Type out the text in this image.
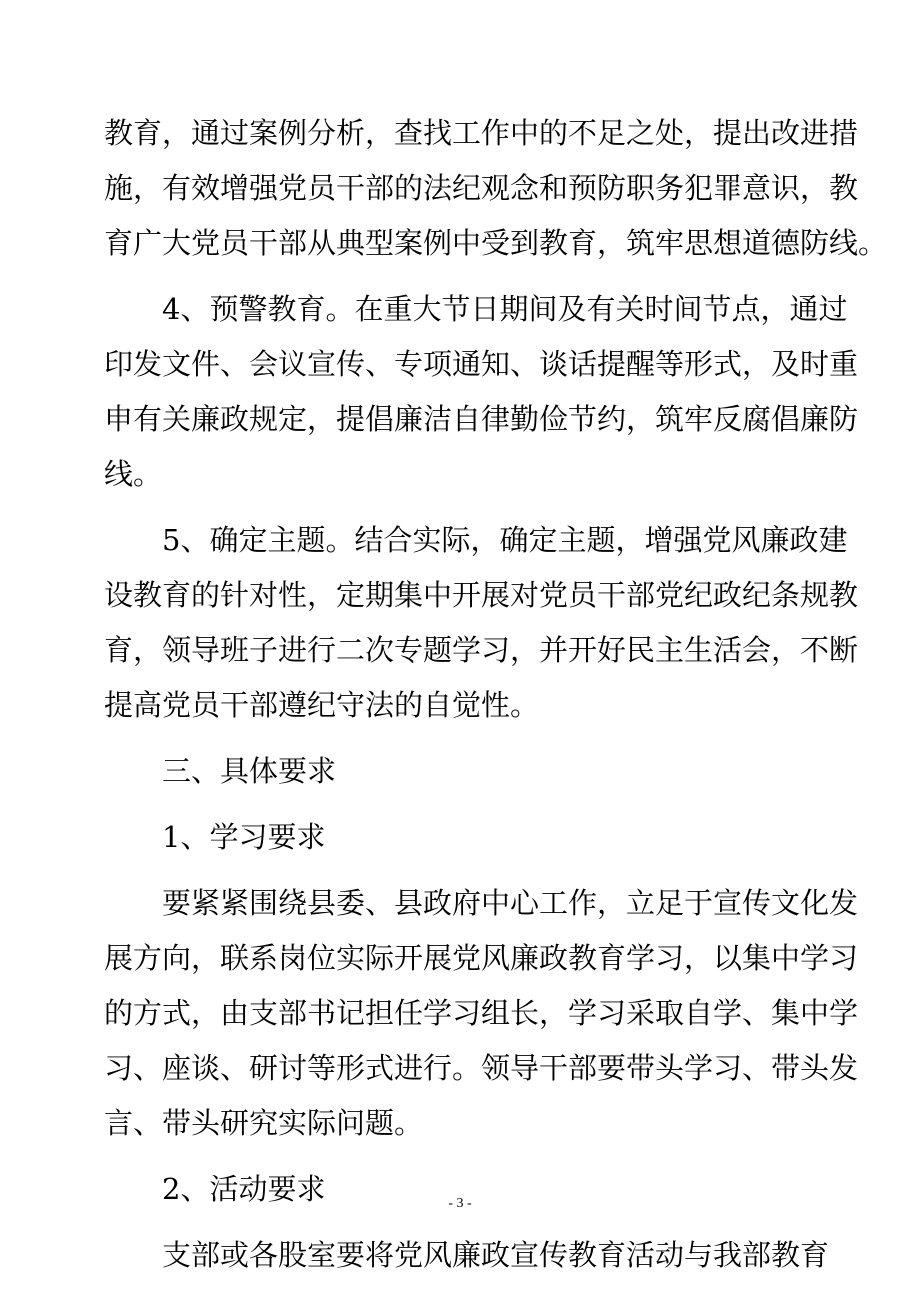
教育，通过案例分析，查找工作中的不足之处，提出改进措
施，有效增强党员干部的法纪观念和预防职务犯罪意识，教
育广大党员干部从典型案例中受到教育，筑牢思想道德防线。

4、预警教育。在重大节日期间及有关时间节点，通过
印发文件、会议宣传、专项通知、谈话提醒等形式，及时重
申有关廉政规定，提倡廉洁自律勤俭节约，筑牢反腐倡廉防
线。

5、确定主题。结合实际，确定主题，增强党风廉政建
设教育的针对性，定期集中开展对党员干部党纪政纪条规教
育，领导班子进行二次专题学习，并开好民主生活会，不断
提高党员干部遵纪守法的自觉性。

三、具体要求

1、学习要求

要紧紧围绕县委、县政府中心工作，立足于宣传文化发
展方向，联系岗位实际开展党风廉政教育学习，以集中学习
的方式，由支部书记担任学习组长，学习采取自学、集中学
习、座谈、研讨等形式进行。领导干部要带头学习、带头发
言、带头研究实际问题。

2、活动要求

支部或各股室要将党风廉政宣传教育活动与我部教育

- 3 -
